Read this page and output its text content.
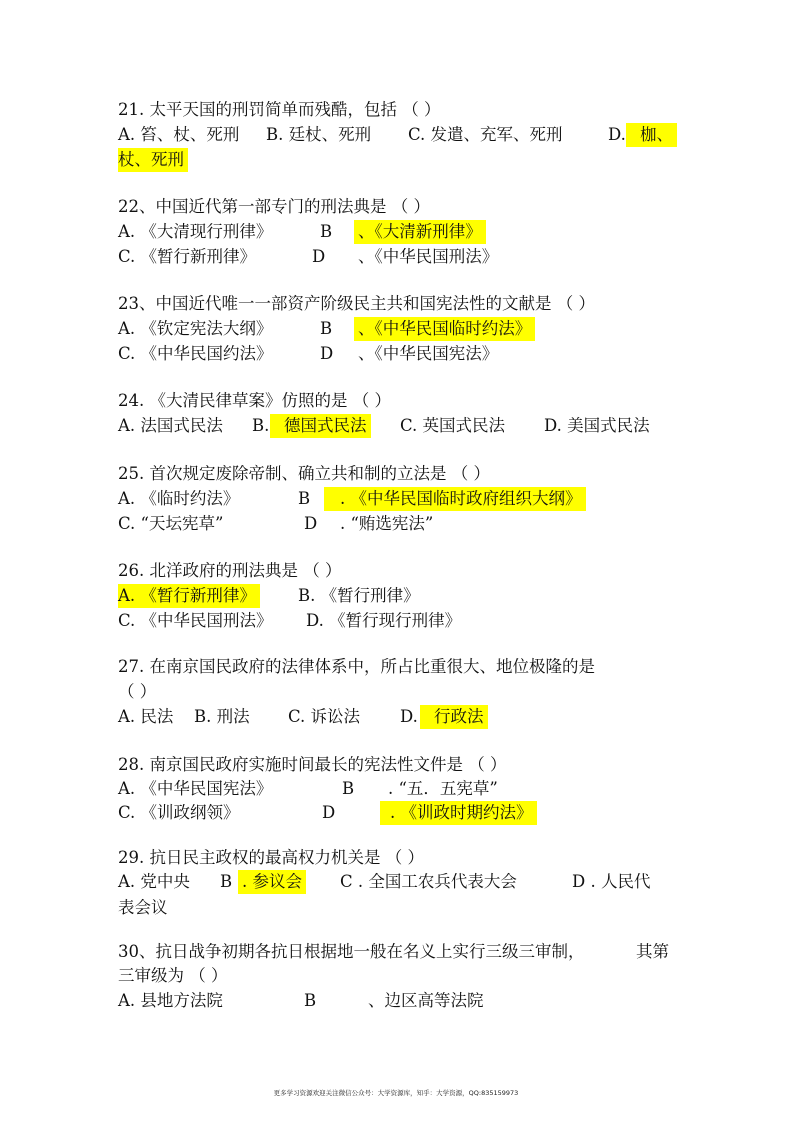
21. 太平天国的刑罚简单而残酷，包括 （ ）
A. 笞、杖、死刑 B. 廷杖、死刑 C. 发遣、充军、死刑	D. 枷、
杖、死刑
22、中国近代第一部专门的刑法典是 （ ）
A. 《大清现行刑律》	B 、《大清新刑律》
C. 《暂行新刑律》	D 、《中华民国刑法》
23、中国近代唯一一部资产阶级民主共和国宪法性的文献是 （ ）
A. 《钦定宪法大纲》	B 、《中华民国临时约法》
C. 《中华民国约法》	D 、《中华民国宪法》
24. 《大清民律草案》仿照的是 （ ）
A. 法国式民法 B. 德国式民法 C. 英国式民法 D. 美国式民法
25. 首次规定废除帝制、确立共和制的立法是 （ ）
A. 《临时约法》	B	. 《中华民国临时政府组织大纲》
C. “天坛宪草”	D . “贿选宪法”
26. 北洋政府的刑法典是 （ ）
A. 《暂行新刑律》	B. 《暂行刑律》
C. 《中华民国刑法》 D. 《暂行现行刑律》
27. 在南京国民政府的法律体系中，所占比重很大、地位极隆的是
（ ）
A. 民法 B. 刑法 C. 诉讼法 D. 行政法
28. 南京国民政府实施时间最长的宪法性文件是 （ ）
A. 《中华民国宪法》	B . “五．五宪草”
C. 《训政纲领》	D	. 《训政时期约法》
29. 抗日民主政权的最高权力机关是 （ ）
A. 党中央 B . 参议会 C . 全国工农兵代表大会	D . 人民代
表会议
30、抗日战争初期各抗日根据地一般在名义上实行三级三审制，	其第
三审级为 （ ）
A. 县地方法院	B	、边区高等法院
更多学习资源欢迎关注微信公众号：大学资源库，知乎：大学资源，QQ:835159973
